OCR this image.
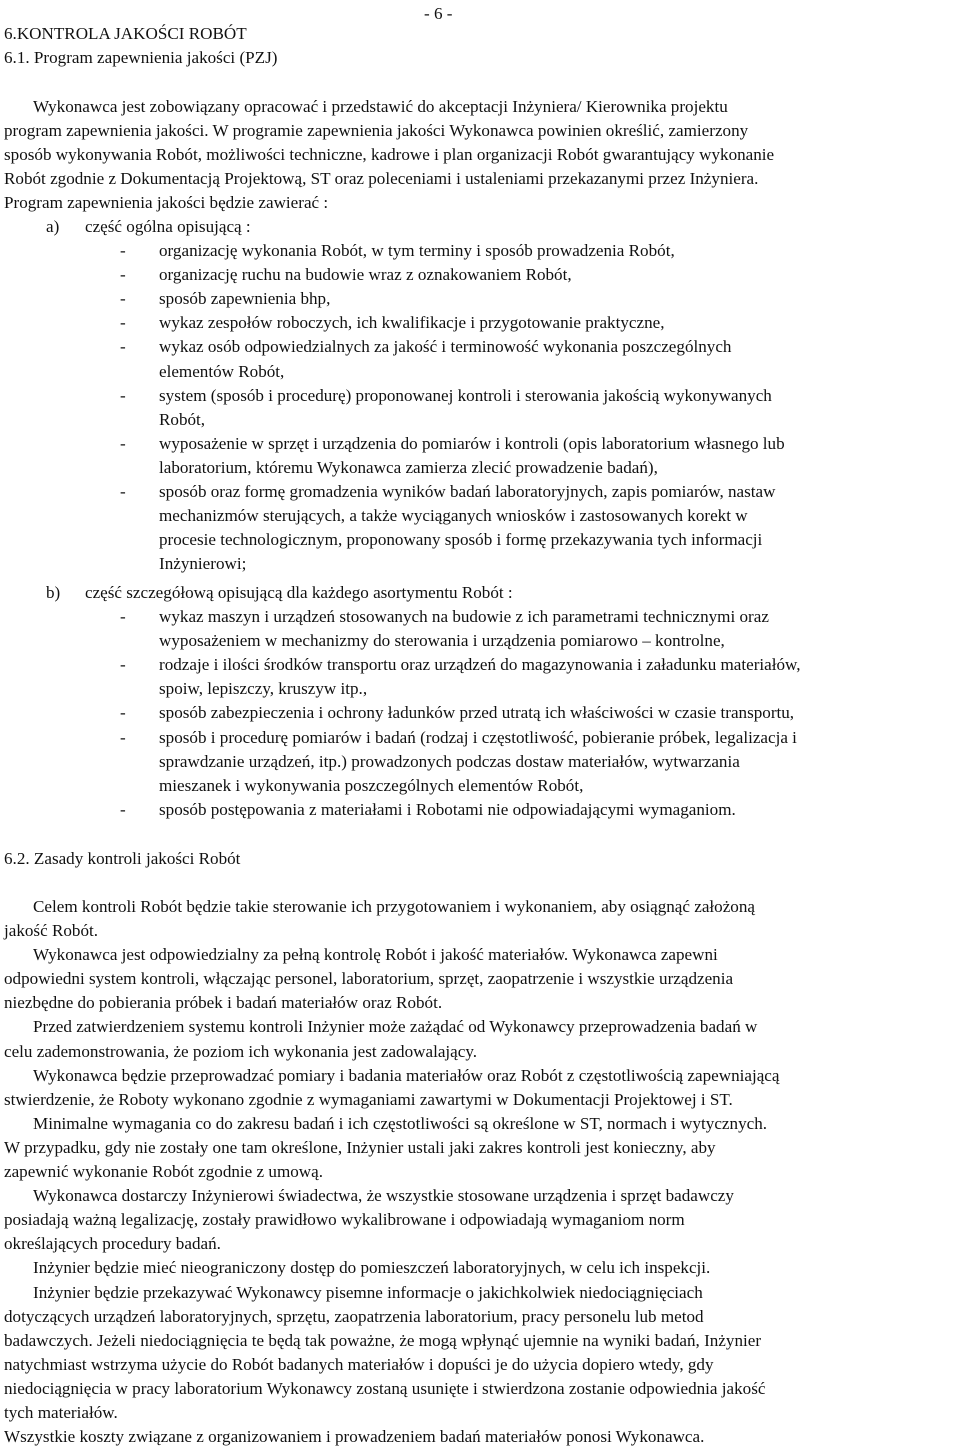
- 6 -
6.KONTROLA JAKOŚCI ROBÓT
6.1. Program zapewnienia jakości (PZJ)
Wykonawca jest zobowiązany opracować i przedstawić do akceptacji Inżyniera/ Kierownika projektu
program zapewnienia jakości. W programie zapewnienia jakości Wykonawca powinien określić, zamierzony
sposób wykonywania Robót, możliwości techniczne, kadrowe i plan organizacji Robót gwarantujący wykonanie
Robót zgodnie z Dokumentacją Projektową, ST oraz poleceniami i ustaleniami przekazanymi przez Inżyniera.
Program zapewnienia jakości będzie zawierać :
a) część ogólna opisującą :
- organizację wykonania Robót, w tym terminy i sposób prowadzenia Robót,
- organizację ruchu na budowie wraz z oznakowaniem Robót,
- sposób zapewnienia bhp,
- wykaz zespołów roboczych, ich kwalifikacje i przygotowanie praktyczne,
- wykaz osób odpowiedzialnych za jakość i terminowość wykonania poszczególnych
elementów Robót,
- system (sposób i procedurę) proponowanej kontroli i sterowania jakością wykonywanych
Robót,
- wyposażenie w sprzęt i urządzenia do pomiarów i kontroli (opis laboratorium własnego lub
laboratorium, któremu Wykonawca zamierza zlecić prowadzenie badań),
- sposób oraz formę gromadzenia wyników badań laboratoryjnych, zapis pomiarów, nastaw
mechanizmów sterujących, a także wyciąganych wniosków i zastosowanych korekt w
procesie technologicznym, proponowany sposób i formę przekazywania tych informacji
Inżynierowi;
b) część szczegółową opisującą dla każdego asortymentu Robót :
- wykaz maszyn i urządzeń stosowanych na budowie z ich parametrami technicznymi oraz
wyposażeniem w mechanizmy do sterowania i urządzenia pomiarowo – kontrolne,
- rodzaje i ilości środków transportu oraz urządzeń do magazynowania i załadunku materiałów,
spoiw, lepiszczy, kruszyw itp.,
- sposób zabezpieczenia i ochrony ładunków przed utratą ich właściwości w czasie transportu,
- sposób i procedurę pomiarów i badań (rodzaj i częstotliwość, pobieranie próbek, legalizacja i
sprawdzanie urządzeń, itp.) prowadzonych podczas dostaw materiałów, wytwarzania
mieszanek i wykonywania poszczególnych elementów Robót,
- sposób postępowania z materiałami i Robotami nie odpowiadającymi wymaganiom.
6.2. Zasady kontroli jakości Robót
Celem kontroli Robót będzie takie sterowanie ich przygotowaniem i wykonaniem, aby osiągnąć założoną
jakość Robót.
Wykonawca jest odpowiedzialny za pełną kontrolę Robót i jakość materiałów. Wykonawca zapewni
odpowiedni system kontroli, włączając personel, laboratorium, sprzęt, zaopatrzenie i wszystkie urządzenia
niezbędne do pobierania próbek i badań materiałów oraz Robót.
Przed zatwierdzeniem systemu kontroli Inżynier może zażądać od Wykonawcy przeprowadzenia badań w
celu zademonstrowania, że poziom ich wykonania jest zadowalający.
Wykonawca będzie przeprowadzać pomiary i badania materiałów oraz Robót z częstotliwością zapewniającą
stwierdzenie, że Roboty wykonano zgodnie z wymaganiami zawartymi w Dokumentacji Projektowej i ST.
Minimalne wymagania co do zakresu badań i ich częstotliwości są określone w ST, normach i wytycznych.
W przypadku, gdy nie zostały one tam określone, Inżynier ustali jaki zakres kontroli jest konieczny, aby
zapewnić wykonanie Robót zgodnie z umową.
Wykonawca dostarczy Inżynierowi świadectwa, że wszystkie stosowane urządzenia i sprzęt badawczy
posiadają ważną legalizację, zostały prawidłowo wykalibrowane i odpowiadają wymaganiom norm
określających procedury badań.
Inżynier będzie mieć nieograniczony dostęp do pomieszczeń laboratoryjnych, w celu ich inspekcji.
Inżynier będzie przekazywać Wykonawcy pisemne informacje o jakichkolwiek niedociągnięciach
dotyczących urządzeń laboratoryjnych, sprzętu, zaopatrzenia laboratorium, pracy personelu lub metod
badawczych. Jeżeli niedociągnięcia te będą tak poważne, że mogą wpłynąć ujemnie na wyniki badań, Inżynier
natychmiast wstrzyma użycie do Robót badanych materiałów i dopuści je do użycia dopiero wtedy, gdy
niedociągnięcia w pracy laboratorium Wykonawcy zostaną usunięte i stwierdzona zostanie odpowiednia jakość
tych materiałów.
Wszystkie koszty związane z organizowaniem i prowadzeniem badań materiałów ponosi Wykonawca.
